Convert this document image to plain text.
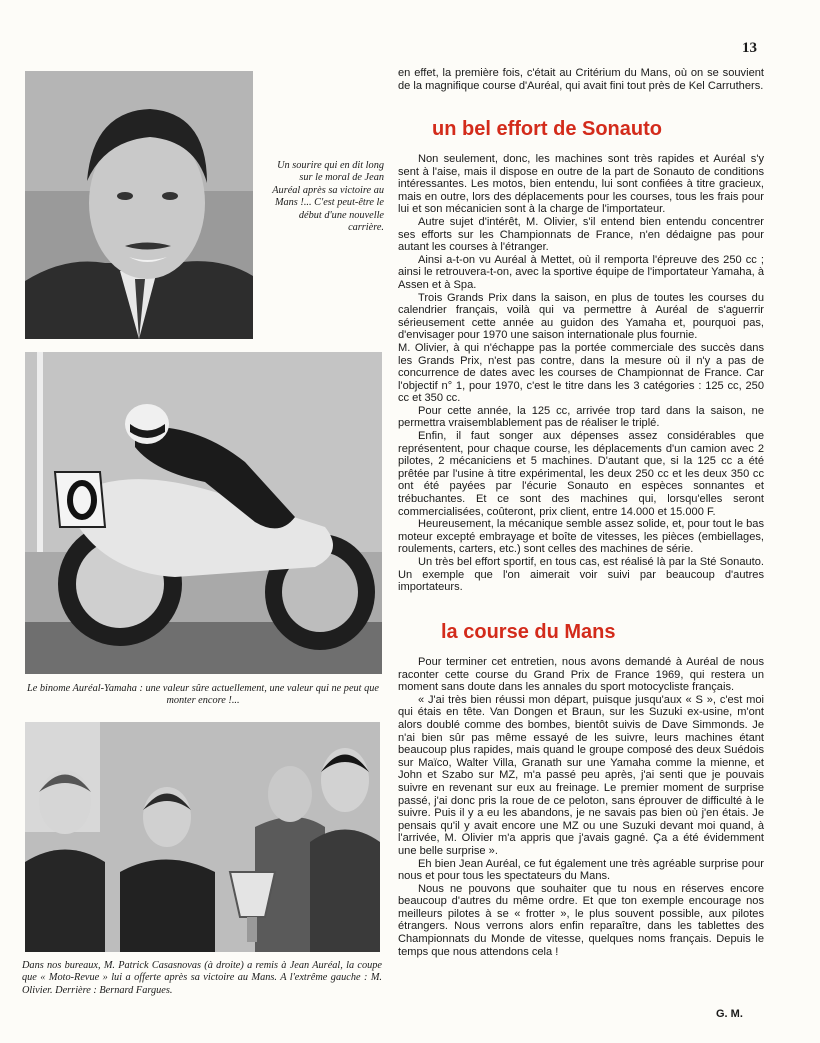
13
Un sourire qui en dit long sur le moral de Jean Auréal après sa victoire au Mans !... C'est peut-être le début d'une nouvelle carrière.
Le binome Auréal-Yamaha : une valeur sûre actuellement, une valeur qui ne peut que monter encore !...
Dans nos bureaux, M. Patrick Casasnovas (à droite) a remis à Jean Auréal, la coupe que « Moto-Revue » lui a offerte après sa victoire au Mans. A l'extrême gauche : M. Olivier. Derrière : Bernard Fargues.

en effet, la première fois, c'était au Critérium du Mans, où on se souvient de la magnifique course d'Auréal, qui avait fini tout près de Kel Carruthers.

un bel effort de Sonauto

Non seulement, donc, les machines sont très rapides et Auréal s'y sent à l'aise, mais il dispose en outre de la part de Sonauto de conditions intéressantes. Les motos, bien entendu, lui sont confiées à titre gracieux, mais en outre, lors des déplacements pour les courses, tous les frais pour lui et son mécanicien sont à la charge de l'importateur.

Autre sujet d'intérêt, M. Olivier, s'il entend bien entendu concentrer ses efforts sur les Championnats de France, n'en dédaigne pas pour autant les courses à l'étranger.

Ainsi a-t-on vu Auréal à Mettet, où il remporta l'épreuve des 250 cc ; ainsi le retrouvera-t-on, avec la sportive équipe de l'importateur Yamaha, à Assen et à Spa.

Trois Grands Prix dans la saison, en plus de toutes les courses du calendrier français, voilà qui va permettre à Auréal de s'aguerrir sérieusement cette année au guidon des Yamaha et, pourquoi pas, d'envisager pour 1970 une saison internationale plus fournie.

M. Olivier, à qui n'échappe pas la portée commerciale des succès dans les Grands Prix, n'est pas contre, dans la mesure où il n'y a pas de concurrence de dates avec les courses de Championnat de France. Car l'objectif n° 1, pour 1970, c'est le titre dans les 3 catégories : 125 cc, 250 cc et 350 cc.

Pour cette année, la 125 cc, arrivée trop tard dans la saison, ne permettra vraisemblablement pas de réaliser le triplé.

Enfin, il faut songer aux dépenses assez considérables que représentent, pour chaque course, les déplacements d'un camion avec 2 pilotes, 2 mécaniciens et 5 machines. D'autant que, si la 125 cc a été prêtée par l'usine à titre expérimental, les deux 250 cc et les deux 350 cc ont été payées par l'écurie Sonauto en espèces sonnantes et trébuchantes. Et ce sont des machines qui, lorsqu'elles seront commercialisées, coûteront, prix client, entre 14.000 et 15.000 F.

Heureusement, la mécanique semble assez solide, et, pour tout le bas moteur excepté embrayage et boîte de vitesses, les pièces (embiellages, roulements, carters, etc.) sont celles des machines de série.

Un très bel effort sportif, en tous cas, est réalisé là par la Sté Sonauto. Un exemple que l'on aimerait voir suivi par beaucoup d'autres importateurs.

la course du Mans

Pour terminer cet entretien, nous avons demandé à Auréal de nous raconter cette course du Grand Prix de France 1969, qui restera un moment sans doute dans les annales du sport motocycliste français.

« J'ai très bien réussi mon départ, puisque jusqu'aux « S », c'est moi qui étais en tête. Van Dongen et Braun, sur les Suzuki ex-usine, m'ont alors doublé comme des bombes, bientôt suivis de Dave Simmonds. Je n'ai bien sûr pas même essayé de les suivre, leurs machines étant beaucoup plus rapides, mais quand le groupe composé des deux Suédois sur Maïco, Walter Villa, Granath sur une Yamaha comme la mienne, et John et Szabo sur MZ, m'a passé peu après, j'ai senti que je pouvais suivre en revenant sur eux au freinage. Le premier moment de surprise passé, j'ai donc pris la roue de ce peloton, sans éprouver de difficulté à le suivre. Puis il y a eu les abandons, je ne savais pas bien où j'en étais. Je pensais qu'il y avait encore une MZ ou une Suzuki devant moi quand, à l'arrivée, M. Olivier m'a appris que j'avais gagné. Ça a été évidemment une belle surprise ».

Eh bien Jean Auréal, ce fut également une très agréable surprise pour nous et pour tous les spectateurs du Mans.

Nous ne pouvons que souhaiter que tu nous en réserves encore beaucoup d'autres du même ordre. Et que ton exemple encourage nos meilleurs pilotes à se « frotter », le plus souvent possible, aux pilotes étrangers. Nous verrons alors enfin reparaître, dans les tablettes des Championnats du Monde de vitesse, quelques noms français. Depuis le temps que nous attendons cela !

G. M.
